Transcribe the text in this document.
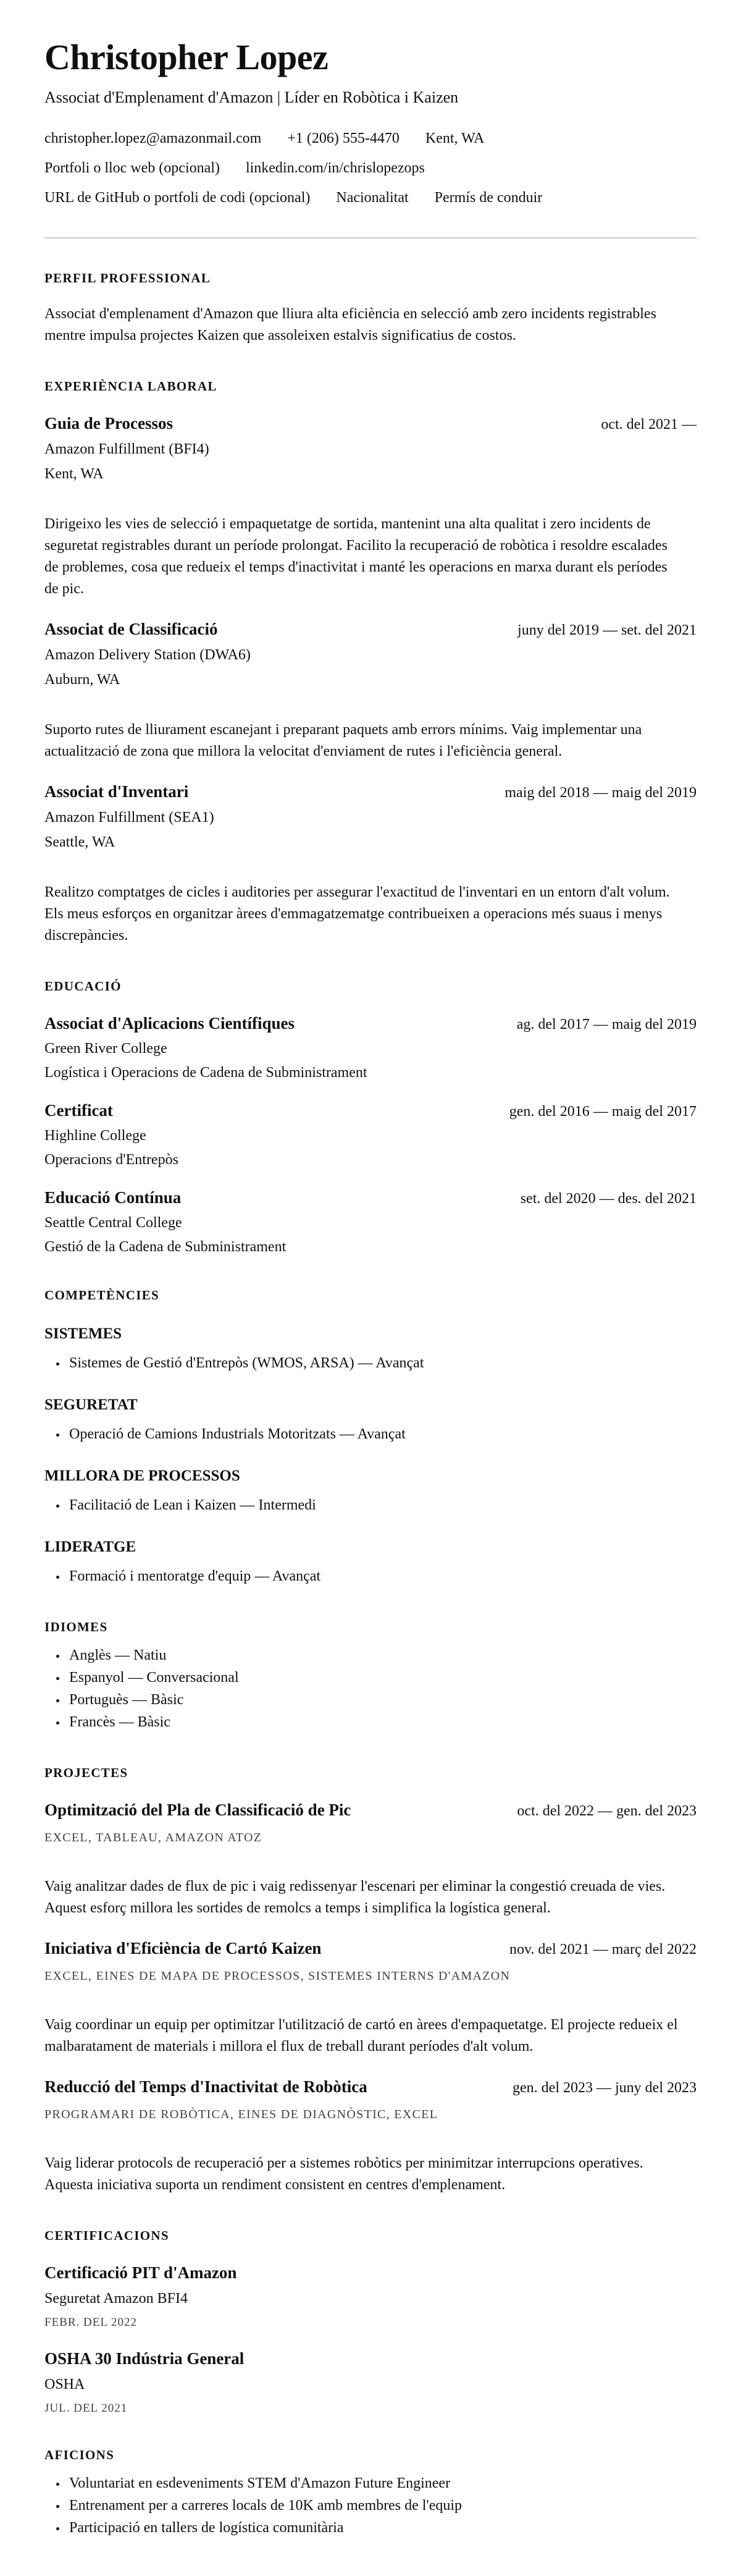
Christopher Lopez
Associat d'Emplenament d'Amazon | Líder en Robòtica i Kaizen
christopher.lopez@amazonmail.com +1 (206) 555-4470 Kent, WA
Portfoli o lloc web (opcional) linkedin.com/in/chrislopezops
URL de GitHub o portfoli de codi (opcional) Nacionalitat Permís de conduir
PERFIL PROFESSIONAL

Associat d'emplenament d'Amazon que lliura alta eficiència en selecció amb zero incidents registrables mentre impulsa projectes Kaizen que assoleixen estalvis significatius de costos.

EXPERIÈNCIA LABORAL
Guia de Processos	oct. del 2021 —
Amazon Fulfillment (BFI4)
Kent, WA

Dirigeixo les vies de selecció i empaquetatge de sortida, mantenint una alta qualitat i zero incidents de seguretat registrables durant un període prolongat. Facilito la recuperació de robòtica i resoldre escalades de problemes, cosa que redueix el temps d'inactivitat i manté les operacions en marxa durant els períodes de pic.

Associat de Classificació	juny del 2019 — set. del 2021
Amazon Delivery Station (DWA6)
Auburn, WA

Suporto rutes de lliurament escanejant i preparant paquets amb errors mínims. Vaig implementar una actualització de zona que millora la velocitat d'enviament de rutes i l'eficiència general.

Associat d'Inventari	maig del 2018 — maig del 2019
Amazon Fulfillment (SEA1)
Seattle, WA

Realitzo comptatges de cicles i auditories per assegurar l'exactitud de l'inventari en un entorn d'alt volum. Els meus esforços en organitzar àrees d'emmagatzematge contribueixen a operacions més suaus i menys discrepàncies.

EDUCACIÓ
Associat d'Aplicacions Científiques	ag. del 2017 — maig del 2019
Green River College
Logística i Operacions de Cadena de Subministrament
Certificat	gen. del 2016 — maig del 2017
Highline College
Operacions d'Entrepòs
Educació Contínua	set. del 2020 — des. del 2021
Seattle Central College
Gestió de la Cadena de Subministrament
COMPETÈNCIES
SISTEMES
• Sistemes de Gestió d'Entrepòs (WMOS, ARSA) — Avançat
SEGURETAT
• Operació de Camions Industrials Motoritzats — Avançat
MILLORA DE PROCESSOS
• Facilitació de Lean i Kaizen — Intermedi
LIDERATGE
• Formació i mentoratge d'equip — Avançat
IDIOMES
• Anglès — Natiu
• Espanyol — Conversacional
• Portuguès — Bàsic
• Francès — Bàsic
PROJECTES
Optimització del Pla de Classificació de Pic	oct. del 2022 — gen. del 2023
EXCEL, TABLEAU, AMAZON ATOZ

Vaig analitzar dades de flux de pic i vaig redissenyar l'escenari per eliminar la congestió creuada de vies. Aquest esforç millora les sortides de remolcs a temps i simplifica la logística general.

Iniciativa d'Eficiència de Cartó Kaizen	nov. del 2021 — març del 2022
EXCEL, EINES DE MAPA DE PROCESSOS, SISTEMES INTERNS D'AMAZON

Vaig coordinar un equip per optimitzar l'utilització de cartó en àrees d'empaquetatge. El projecte redueix el malbaratament de materials i millora el flux de treball durant períodes d'alt volum.

Reducció del Temps d'Inactivitat de Robòtica	gen. del 2023 — juny del 2023
PROGRAMARI DE ROBÒTICA, EINES DE DIAGNÒSTIC, EXCEL

Vaig liderar protocols de recuperació per a sistemes robòtics per minimitzar interrupcions operatives. Aquesta iniciativa suporta un rendiment consistent en centres d'emplenament.

CERTIFICACIONS
Certificació PIT d'Amazon
Seguretat Amazon BFI4
FEBR. DEL 2022
OSHA 30 Indústria General
OSHA
JUL. DEL 2021
AFICIONS
• Voluntariat en esdeveniments STEM d'Amazon Future Engineer
• Entrenament per a carreres locals de 10K amb membres de l'equip
• Participació en tallers de logística comunitària
